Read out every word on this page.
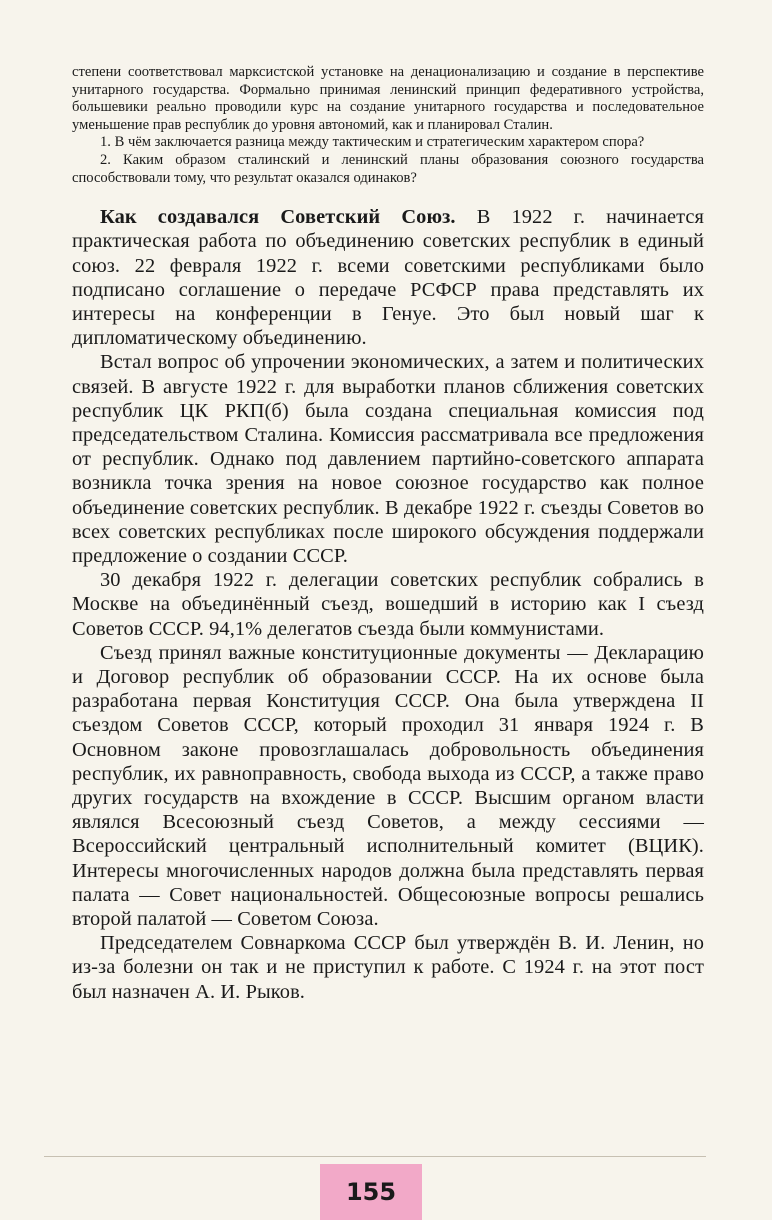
степени соответствовал марксистской установке на денационализацию и создание в перспективе унитарного государства. Формально принимая ленинский принцип федеративного устройства, большевики реально проводили курс на создание унитарного государства и последовательное уменьшение прав республик до уровня автономий, как и планировал Сталин.

1. В чём заключается разница между тактическим и стратегическим характером спора?

2. Каким образом сталинский и ленинский планы образования союзного государства способствовали тому, что результат оказался одинаков?

Как создавался Советский Союз. В 1922 г. начинается практическая работа по объединению советских республик в единый союз. 22 февраля 1922 г. всеми советскими республиками было подписано соглашение о передаче РСФСР права представлять их интересы на конференции в Генуе. Это был новый шаг к дипломатическому объединению.

Встал вопрос об упрочении экономических, а затем и политических связей. В августе 1922 г. для выработки планов сближения советских республик ЦК РКП(б) была создана специальная комиссия под председательством Сталина. Комиссия рассматривала все предложения от республик. Однако под давлением партийно-советского аппарата возникла точка зрения на новое союзное государство как полное объединение советских республик. В декабре 1922 г. съезды Советов во всех советских республиках после широкого обсуждения поддержали предложение о создании СССР.

30 декабря 1922 г. делегации советских республик собрались в Москве на объединённый съезд, вошедший в историю как I съезд Советов СССР. 94,1% делегатов съезда были коммунистами.

Съезд принял важные конституционные документы — Декларацию и Договор республик об образовании СССР. На их основе была разработана первая Конституция СССР. Она была утверждена II съездом Советов СССР, который проходил 31 января 1924 г. В Основном законе провозглашалась добровольность объединения республик, их равноправность, свобода выхода из СССР, а также право других государств на вхождение в СССР. Высшим органом власти являлся Всесоюзный съезд Советов, а между сессиями — Всероссийский центральный исполнительный комитет (ВЦИК). Интересы многочисленных народов должна была представлять первая палата — Совет национальностей. Общесоюзные вопросы решались второй палатой — Советом Союза.

Председателем Совнаркома СССР был утверждён В. И. Ленин, но из-за болезни он так и не приступил к работе. С 1924 г. на этот пост был назначен А. И. Рыков.

155
